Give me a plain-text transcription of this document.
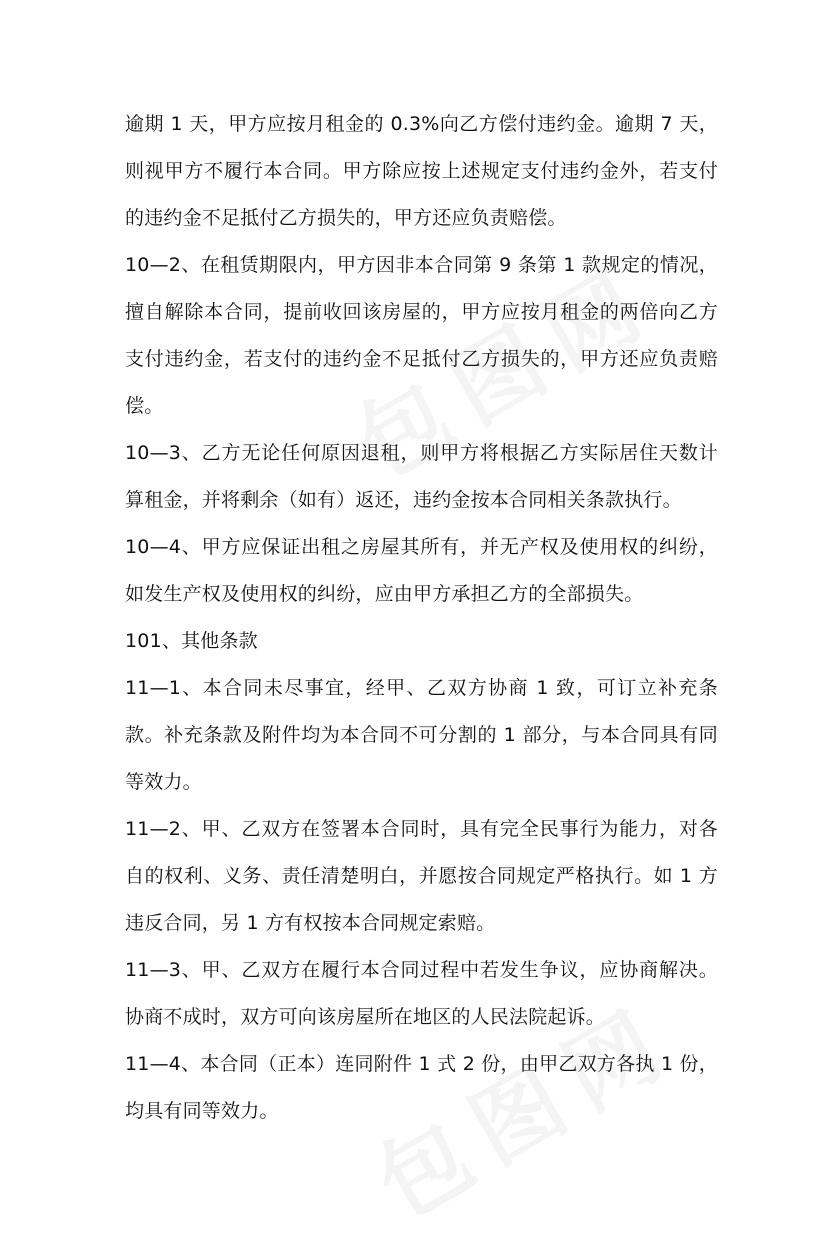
逾期 1 天，甲方应按月租金的 0.3%向乙方偿付违约金。逾期 7 天，则视甲方不履行本合同。甲方除应按上述规定支付违约金外，若支付的违约金不足抵付乙方损失的，甲方还应负责赔偿。

10—2、在租赁期限内，甲方因非本合同第 9 条第 1 款规定的情况，擅自解除本合同，提前收回该房屋的，甲方应按月租金的两倍向乙方支付违约金，若支付的违约金不足抵付乙方损失的，甲方还应负责赔偿。

10—3、乙方无论任何原因退租，则甲方将根据乙方实际居住天数计算租金，并将剩余（如有）返还，违约金按本合同相关条款执行。

10—4、甲方应保证出租之房屋其所有，并无产权及使用权的纠纷，如发生产权及使用权的纠纷，应由甲方承担乙方的全部损失。

101、其他条款

11—1、本合同未尽事宜，经甲、乙双方协商 1 致，可订立补充条款。补充条款及附件均为本合同不可分割的 1 部分，与本合同具有同等效力。

11—2、甲、乙双方在签署本合同时，具有完全民事行为能力，对各自的权利、义务、责任清楚明白，并愿按合同规定严格执行。如 1 方违反合同，另 1 方有权按本合同规定索赔。

11—3、甲、乙双方在履行本合同过程中若发生争议，应协商解决。协商不成时，双方可向该房屋所在地区的人民法院起诉。

11—4、本合同（正本）连同附件 1 式 2 份，由甲乙双方各执 1 份，均具有同等效力。
